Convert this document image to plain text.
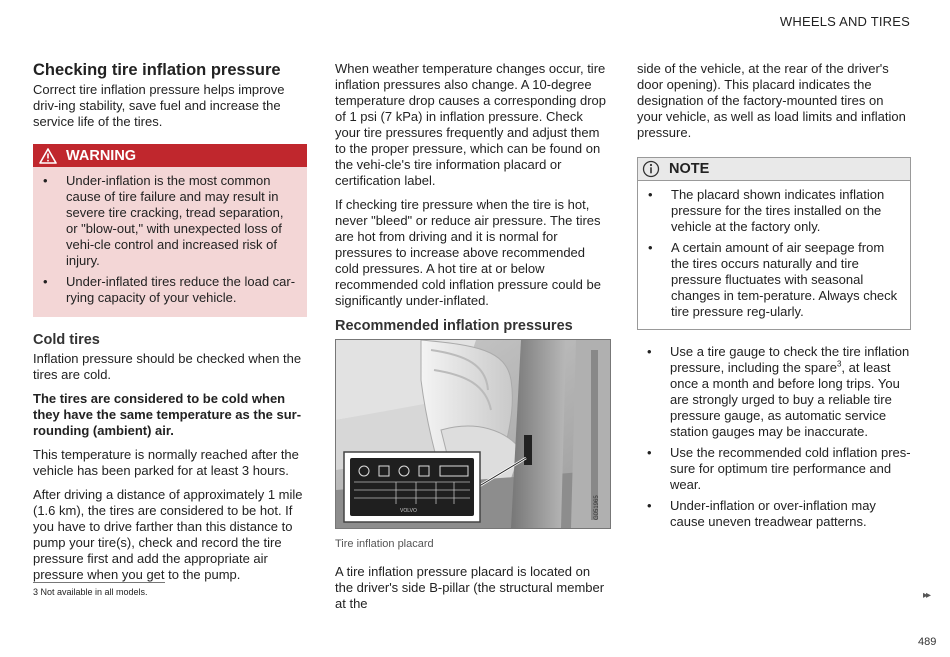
WHEELS AND TIRES
Checking tire inflation pressure

Correct tire inflation pressure helps improve driv-ing stability, save fuel and increase the service life of the tires.

WARNING
• Under-inflation is the most common cause of tire failure and may result in severe tire cracking, tread separation, or "blow-out," with unexpected loss of vehi-cle control and increased risk of injury.
• Under-inflated tires reduce the load car-rying capacity of your vehicle.
Cold tires

Inflation pressure should be checked when the tires are cold.

The tires are considered to be cold when they have the same temperature as the sur-rounding (ambient) air.

This temperature is normally reached after the vehicle has been parked for at least 3 hours.

After driving a distance of approximately 1 mile (1.6 km), the tires are considered to be hot. If you have to drive farther than this distance to pump your tire(s), check and record the tire pressure first and add the appropriate air pressure when you get to the pump.

When weather temperature changes occur, tire inflation pressures also change. A 10-degree temperature drop causes a corresponding drop of 1 psi (7 kPa) in inflation pressure. Check your tire pressures frequently and adjust them to the proper pressure, which can be found on the vehi-cle's tire information placard or certification label.

If checking tire pressure when the tire is hot, never "bleed" or reduce air pressure. The tires are hot from driving and it is normal for pressures to increase above recommended cold pressures. A hot tire at or below recommended cold inflation pressure could be significantly under-inflated.

Recommended inflation pressures
VOLVO	G051965
Tire inflation placard

A tire inflation pressure placard is located on the driver's side B-pillar (the structural member at the

side of the vehicle, at the rear of the driver's door opening). This placard indicates the designation of the factory-mounted tires on your vehicle, as well as load limits and inflation pressure.

NOTE
• The placard shown indicates inflation pressure for the tires installed on the vehicle at the factory only.
• A certain amount of air seepage from the tires occurs naturally and tire pressure fluctuates with seasonal changes in tem-perature. Always check tire pressure reg-ularly.
• Use a tire gauge to check the tire inflation pressure, including the spare$^3$, at least once a month and before long trips. You are strongly urged to buy a reliable tire pressure gauge, as automatic service station gauges may be inaccurate.
• Use the recommended cold inflation pres-sure for optimum tire performance and wear.
• Under-inflation or over-inflation may cause uneven treadwear patterns.
3 Not available in all models.	▸▸
489
